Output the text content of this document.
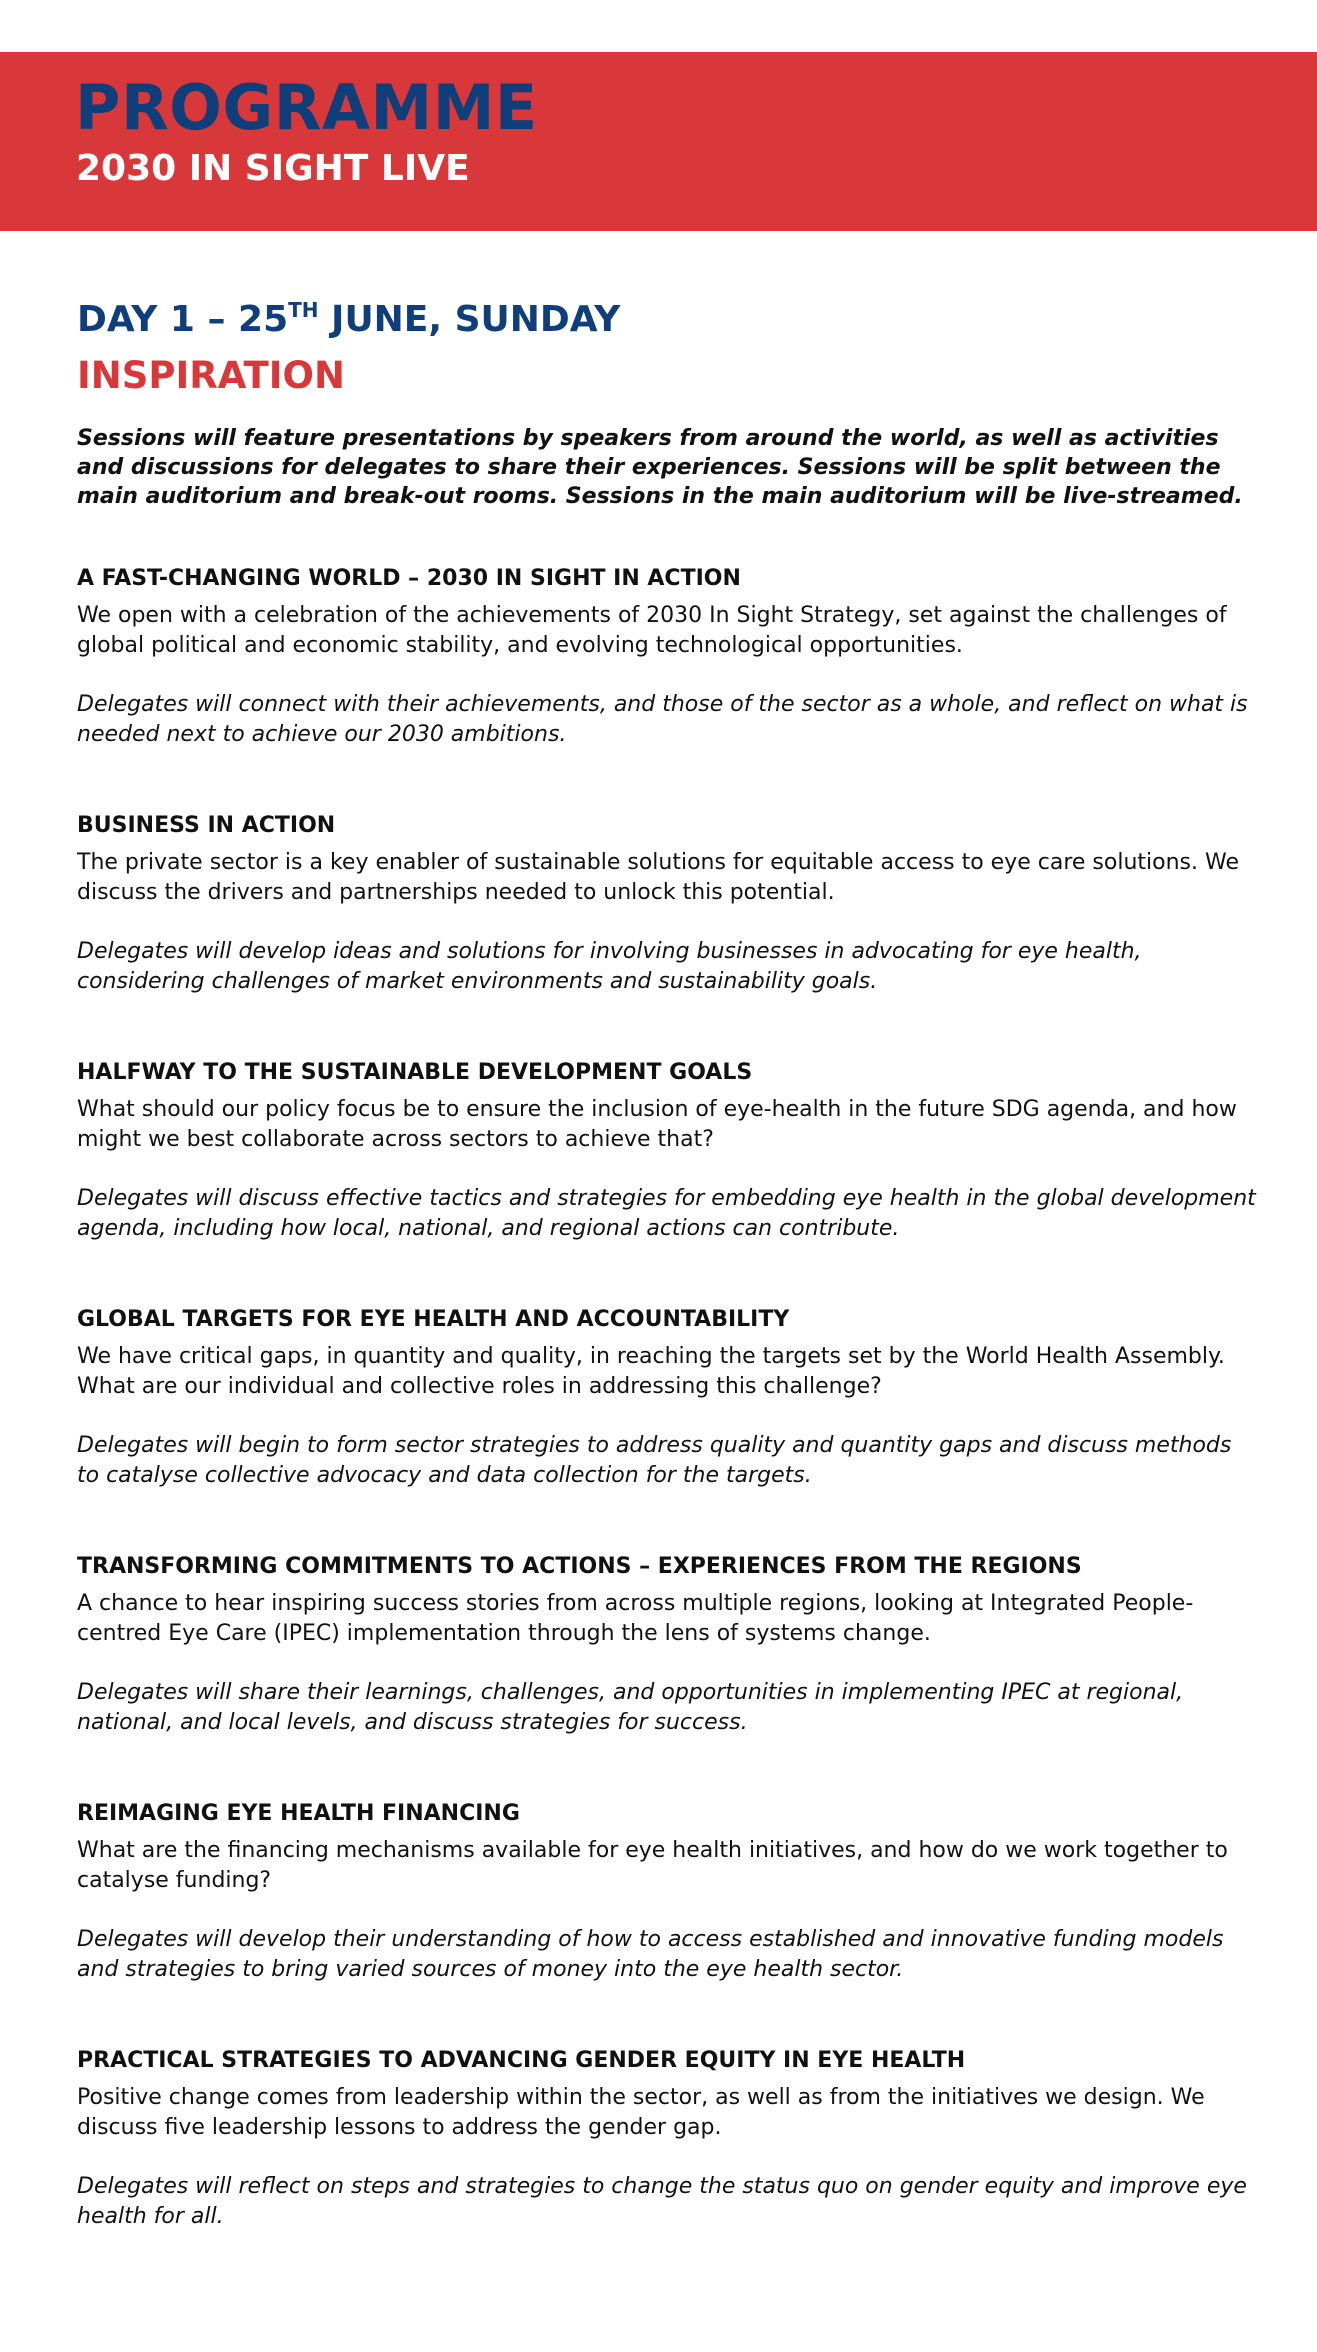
PROGRAMME
2030 IN SIGHT LIVE
DAY 1 – 25TH JUNE, SUNDAY
INSPIRATION

Sessions will feature presentations by speakers from around the world, as well as activities and discussions for delegates to share their experiences. Sessions will be split between the main auditorium and break-out rooms. Sessions in the main auditorium will be live-streamed.

A FAST-CHANGING WORLD – 2030 IN SIGHT IN ACTION

We open with a celebration of the achievements of 2030 In Sight Strategy, set against the challenges of global political and economic stability, and evolving technological opportunities.

Delegates will connect with their achievements, and those of the sector as a whole, and reflect on what is needed next to achieve our 2030 ambitions.

BUSINESS IN ACTION

The private sector is a key enabler of sustainable solutions for equitable access to eye care solutions. We discuss the drivers and partnerships needed to unlock this potential.

Delegates will develop ideas and solutions for involving businesses in advocating for eye health, considering challenges of market environments and sustainability goals.

HALFWAY TO THE SUSTAINABLE DEVELOPMENT GOALS

What should our policy focus be to ensure the inclusion of eye-health in the future SDG agenda, and how might we best collaborate across sectors to achieve that?

Delegates will discuss effective tactics and strategies for embedding eye health in the global development agenda, including how local, national, and regional actions can contribute.

GLOBAL TARGETS FOR EYE HEALTH AND ACCOUNTABILITY

We have critical gaps, in quantity and quality, in reaching the targets set by the World Health Assembly. What are our individual and collective roles in addressing this challenge?

Delegates will begin to form sector strategies to address quality and quantity gaps and discuss methods to catalyse collective advocacy and data collection for the targets.

TRANSFORMING COMMITMENTS TO ACTIONS – EXPERIENCES FROM THE REGIONS

A chance to hear inspiring success stories from across multiple regions, looking at Integrated People-centred Eye Care (IPEC) implementation through the lens of systems change.

Delegates will share their learnings, challenges, and opportunities in implementing IPEC at regional, national, and local levels, and discuss strategies for success.

REIMAGING EYE HEALTH FINANCING

What are the financing mechanisms available for eye health initiatives, and how do we work together to catalyse funding?

Delegates will develop their understanding of how to access established and innovative funding models and strategies to bring varied sources of money into the eye health sector.

PRACTICAL STRATEGIES TO ADVANCING GENDER EQUITY IN EYE HEALTH

Positive change comes from leadership within the sector, as well as from the initiatives we design. We discuss five leadership lessons to address the gender gap.

Delegates will reflect on steps and strategies to change the status quo on gender equity and improve eye health for all.
